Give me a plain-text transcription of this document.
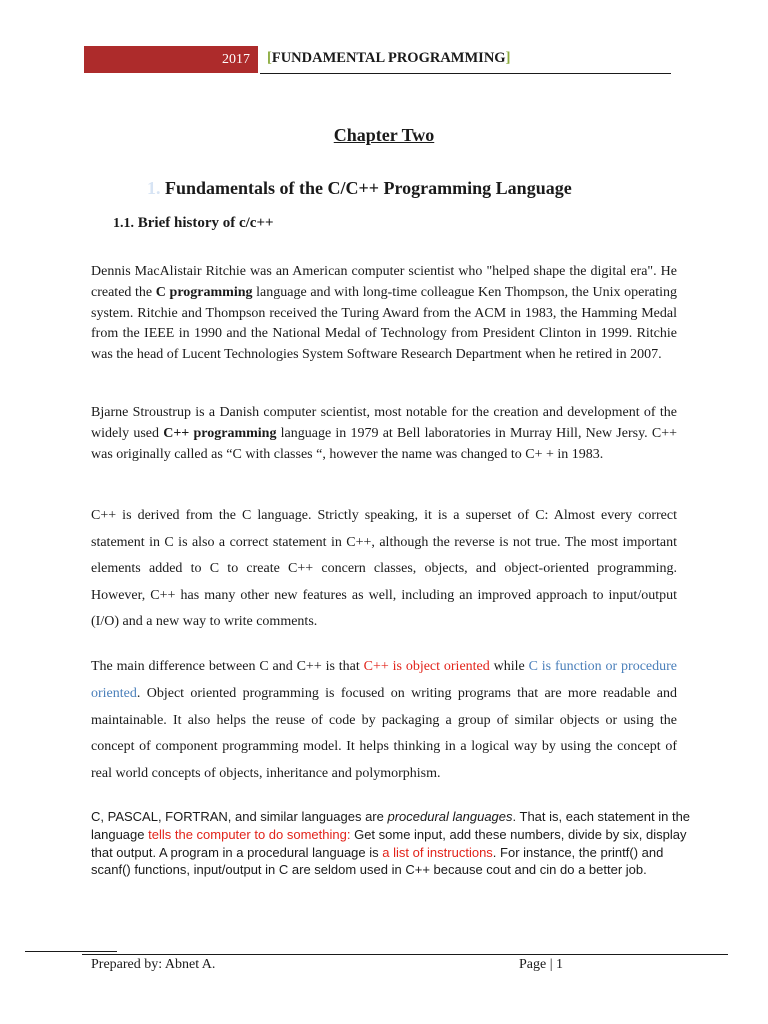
2017	[FUNDAMENTAL PROGRAMMING]
Chapter Two
1. Fundamentals of the C/C++ Programming Language
1.1. Brief history of c/c++
Dennis MacAlistair Ritchie was an American computer scientist who "helped shape the digital era". He created the C programming language and with long-time colleague Ken Thompson, the Unix operating system. Ritchie and Thompson received the Turing Award from the ACM in 1983, the Hamming Medal from the IEEE in 1990 and the National Medal of Technology from President Clinton in 1999. Ritchie was the head of Lucent Technologies System Software Research Department when he retired in 2007.
Bjarne Stroustrup is a Danish computer scientist, most notable for the creation and development of the widely used C++ programming language in 1979 at Bell laboratories in Murray Hill, New Jersy. C++ was originally called as “C with classes “, however the name was changed to C+ + in 1983.
C++ is derived from the C language. Strictly speaking, it is a superset of C: Almost every correct statement in C is also a correct statement in C++, although the reverse is not true. The most important elements added to C to create C++ concern classes, objects, and object-oriented programming. However, C++ has many other new features as well, including an improved approach to input/output (I/O) and a new way to write comments.
The main difference between C and C++ is that C++ is object oriented while C is function or procedure oriented. Object oriented programming is focused on writing programs that are more readable and maintainable. It also helps the reuse of code by packaging a group of similar objects or using the concept of component programming model. It helps thinking in a logical way by using the concept of real world concepts of objects, inheritance and polymorphism.
C, PASCAL, FORTRAN, and similar languages are procedural languages. That is, each statement in the language tells the computer to do something: Get some input, add these numbers, divide by six, display that output. A program in a procedural language is a list of instructions. For instance, the printf() and scanf() functions, input/output in C are seldom used in C++ because cout and cin do a better job.
Prepared by: Abnet A.	Page | 1
